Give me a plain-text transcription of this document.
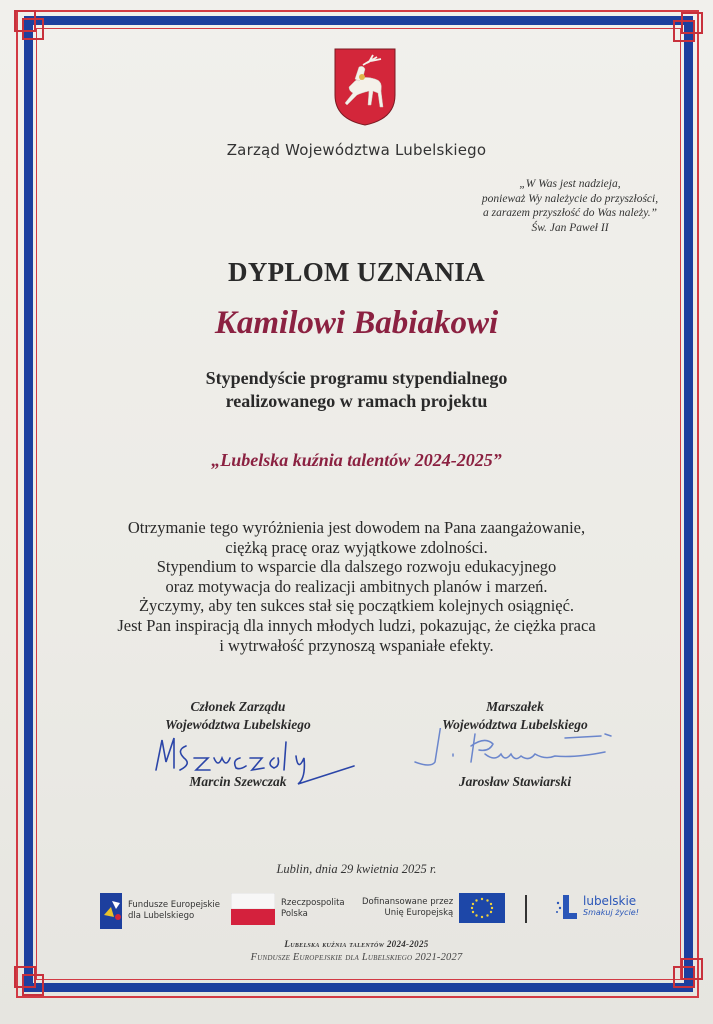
Zarząd Województwa Lubelskiego
„W Was jest nadzieja,
ponieważ Wy należycie do przyszłości,
a zarazem przyszłość do Was należy.”
Św. Jan Paweł II
DYPLOM UZNANIA
Kamilowi Babiakowi
Stypendyście programu stypendialnego
realizowanego w ramach projektu
„Lubelska kuźnia talentów 2024-2025”
Otrzymanie tego wyróżnienia jest dowodem na Pana zaangażowanie,
ciężką pracę oraz wyjątkowe zdolności.
Stypendium to wsparcie dla dalszego rozwoju edukacyjnego
oraz motywacja do realizacji ambitnych planów i marzeń.
Życzymy, aby ten sukces stał się początkiem kolejnych osiągnięć.
Jest Pan inspiracją dla innych młodych ludzi, pokazując, że ciężka praca
i wytrwałość przynoszą wspaniałe efekty.
Członek Zarządu
Województwa Lubelskiego
Marcin Szewczak
Marszałek
Województwa Lubelskiego
Jarosław Stawiarski
Lublin, dnia 29 kwietnia 2025 r.
Fundusze Europejskie
dla Lubelskiego
Rzeczpospolita
Polska
Dofinansowane przez
Unię Europejską
lubelskie
Smakuj życie!
Lubelska kuźnia talentów 2024-2025
Fundusze Europejskie dla Lubelskiego 2021-2027
